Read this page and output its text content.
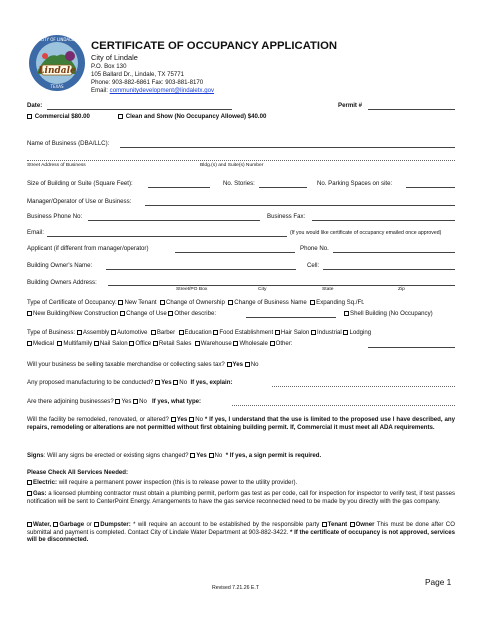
Lindale
CITY OF LINDALE
TEXAS
CERTIFICATE OF OCCUPANCY APPLICATION
City of Lindale
P.O. Box 130
105 Ballard Dr., Lindale, TX 75771
Phone: 903-882-6861 Fax: 903-881-8170
Email: communitydevelopment@lindaletx.gov
Date:	Permit #
Commercial $80.00	Clean and Show (No Occupancy Allowed) $40.00
Name of Business (DBA/LLC):
Street Address of Business	Bldg.(s) and Suite(s) Number
Size of Building or Suite (Square Feet):	No. Stories:	No. Parking Spaces on site:
Manager/Operator of Use or Business:
Business Phone No:	Business Fax:
Email:	(If you would like certificate of occupancy emailed once approved)
Applicant (if different from manager/operator)	Phone No.
Building Owner's Name:	Cell:
Building Owners Address:
Street/PO Box	City	State	Zip
Type of Certificate of Occupancy: New Tenant Change of Ownership Change of Business Name Expanding Sq./Ft.
New Building/New Construction Change of Use Other describe:	Shell Building (No Occupancy)
Type of Business: Assembly Automotive Barber Education Food Establishment Hair Salon Industrial Lodging
Medical Multifamily Nail Salon Office Retail Sales Warehouse Wholesale Other:
Will your business be selling taxable merchandise or collecting sales tax? Yes No
Any proposed manufacturing to be conducted? Yes No If yes, explain:
Are there adjoining businesses? Yes No If yes, what type:
Will the facility be remodeled, renovated, or altered? Yes No * If yes, I understand that the use is limited to the proposed use I have described, any repairs, remodeling or alterations are not permitted without first obtaining building permit. If, Commercial it must meet all ADA requirements.
Signs: Will any signs be erected or existing signs changed? Yes No * If yes, a sign permit is required.
Please Check All Services Needed:
Electric: will require a permanent power inspection (this is to release power to the utility provider).
Gas: a licensed plumbing contractor must obtain a plumbing permit, perform gas test as per code, call for inspection for inspector to verify test, if test passes notification will be sent to CenterPoint Energy. Arrangements to have the gas service reconnected need to be made by you directly with the gas company.
Water, Garbage or Dumpster: * will require an account to be established by the responsible party Tenant Owner This must be done after CO submittal and payment is completed. Contact City of Lindale Water Department at 903-882-3422. * If the certificate of occupancy is not approved, services will be disconnected.
Page 1
Revised 7.21.26 E.T
